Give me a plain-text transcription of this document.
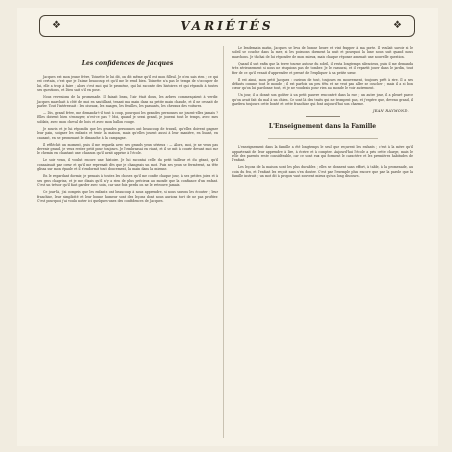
❖	VARIÉTÉS	❖
Les confidences de Jacques

Jacques est mon jeune frère, Toinette le lui dit, on dit même qu'il est mon filleul. Je n'en sais rien ; ce qui est certain, c'est que je l'aime beaucoup et qu'il me le rend bien. Toinette n'a pas le temps de s'occuper de lui, elle a trop à faire ; alors c'est moi qui le promène, qui lui raconte des histoires et qui réponds à toutes ses questions, et Dieu sait s'il en pose.

Nous revenions de la promenade. Il faisait beau, l'air était doux, les arbres commençaient à verdir. Jacques marchait à côté de moi en sautillant, tenant ma main dans sa petite main chaude, et il ne cessait de parler. Tout l'intéressait : les oiseaux, les nuages, les feuilles, les passants, les chevaux des voitures.

— Dis, grand frère, me demanda-t-il tout à coup, pourquoi les grandes personnes ne jouent-elles jamais ? Elles doivent bien s'ennuyer, n'est-ce pas ? Moi, quand je serai grand, je jouerai tout le temps, avec mes soldats, avec mon cheval de bois et avec mon ballon rouge.

Je souris et je lui répondis que les grandes personnes ont beaucoup de travail, qu'elles doivent gagner leur pain, soigner les enfants et tenir la maison, mais qu'elles jouent aussi à leur manière, en lisant, en causant, en se promenant le dimanche à la campagne.

Il réfléchit un moment, puis il me regarda avec ses grands yeux sérieux : — Alors, moi, je ne veux pas devenir grand, je veux rester petit pour toujours. Je l'embrassai en riant, et il se mit à courir devant moi sur le chemin en chantant une chanson qu'il avait apprise à l'école.

Le soir venu, il voulut encore une histoire. Je lui racontai celle du petit tailleur et du géant, qu'il connaissait par cœur et qu'il me reprenait dès que je changeais un mot. Puis ses yeux se fermèrent, sa tête glissa sur mon épaule et il s'endormit tout doucement, la main dans la mienne.

En le regardant dormir, je pensais à toutes les choses qu'il me confie chaque jour, à ses petites joies et à ses gros chagrins, et je me disais qu'il n'y a rien de plus précieux au monde que la confiance d'un enfant. C'est un trésor qu'il faut garder avec soin, car une fois perdu on ne le retrouve jamais.

Ce jour-là, j'ai compris que les enfants ont beaucoup à nous apprendre, si nous savons les écouter ; leur franchise, leur simplicité et leur bonne humeur sont des leçons dont nous aurions tort de ne pas profiter. C'est pourquoi j'ai voulu noter ici quelques-unes des confidences de Jacques.

Le lendemain matin, Jacques se leva de bonne heure et vint frapper à ma porte. Il voulait savoir si le soleil se couche dans la mer, si les poissons dorment la nuit et pourquoi la lune nous suit quand nous marchons. Je tâchai de lui répondre de mon mieux, mais chaque réponse amenait une nouvelle question.

Quand il sut enfin que la terre tourne autour du soleil, il resta longtemps silencieux, puis il me demanda très sérieusement si nous ne risquions pas de tomber. Je le rassurai, et il repartit jouer dans le jardin, tout fier de ce qu'il venait d'apprendre et pressé de l'expliquer à sa petite sœur.

Il est ainsi, mon petit Jacques : curieux de tout, toujours en mouvement, toujours prêt à rire. Il a ses défauts comme tout le monde ; il est parfois un peu têtu et ne veut pas aller se coucher ; mais il a si bon cœur qu'on lui pardonne tout, et je ne voudrais pour rien au monde le voir autrement.

Un jour, il a donné son goûter à un petit pauvre rencontré dans la rue ; un autre jour, il a pleuré parce qu'on avait fait du mal à un chien. Ce sont là des traits qui ne trompent pas, et j'espère que, devenu grand, il gardera toujours cette bonté et cette franchise qui font aujourd'hui son charme.

JEAN RAYMOND.
L'Enseignement dans la Famille

L'enseignement dans la famille a été longtemps le seul que reçurent les enfants ; c'est à la mère qu'il appartenait de leur apprendre à lire, à écrire et à compter. Aujourd'hui l'école a pris cette charge, mais le rôle des parents reste considérable, car ce sont eux qui forment le caractère et les premières habitudes de l'enfant.

Les leçons de la maison sont les plus durables ; elles se donnent sans effort, à table, à la promenade, au coin du feu, et l'enfant les reçoit sans s'en douter. C'est par l'exemple plus encore que par la parole que la famille instruit ; un mot dit à propos vaut souvent mieux qu'un long discours.
